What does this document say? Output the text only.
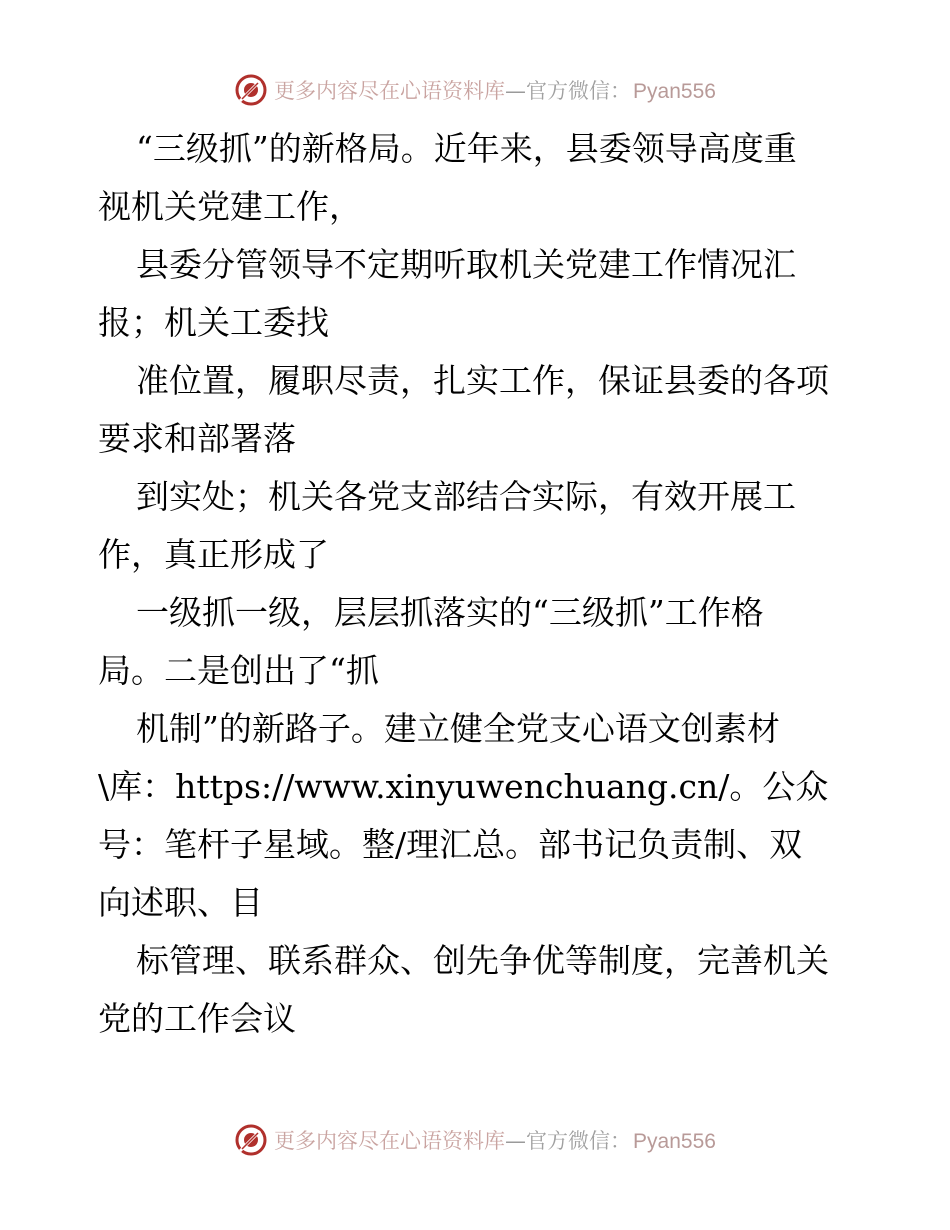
更多内容尽在心语资料库 — 官方微信： Pyan556
“三级抓”的新格局。近年来，县委领导高度重
视机关党建工作，
县委分管领导不定期听取机关党建工作情况汇
报；机关工委找
准位置，履职尽责，扎实工作，保证县委的各项
要求和部署落
到实处；机关各党支部结合实际，有效开展工
作，真正形成了
一级抓一级，层层抓落实的“三级抓”工作格
局。二是创出了“抓
机制”的新路子。建立健全党支心语文创素材
\库：https://www.xinyuwenchuang.cn/。公众
号：笔杆子星域。整/理汇总。部书记负责制、双
向述职、目
标管理、联系群众、创先争优等制度，完善机关
党的工作会议
更多内容尽在心语资料库 — 官方微信： Pyan556
